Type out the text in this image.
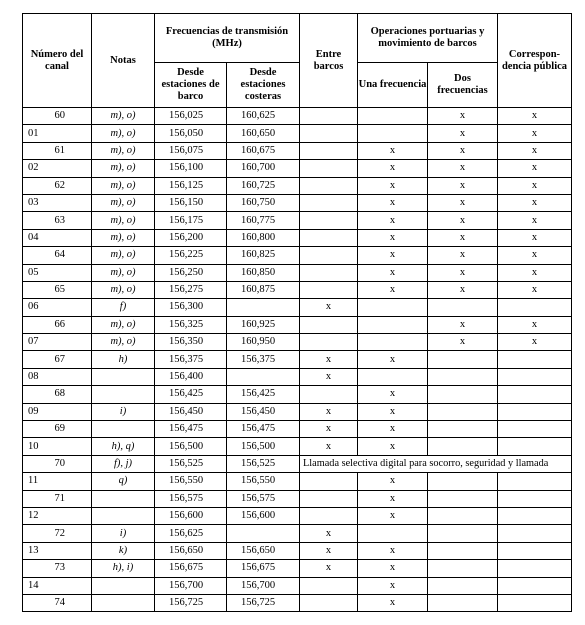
Número del canal	Notas	Frecuencias de transmisión (MHz)		Entre barcos	Operaciones portuarias y movimiento de barcos		Correspon-dencia pública
		Desde estaciones de barco	Desde estaciones costeras		Una frecuencia	Dos frecuencias	
60	m), o)	156,025	160,625			x	x
01	m), o)	156,050	160,650			x	x
61	m), o)	156,075	160,675		x	x	x
02	m), o)	156,100	160,700		x	x	x
62	m), o)	156,125	160,725		x	x	x
03	m), o)	156,150	160,750		x	x	x
63	m), o)	156,175	160,775		x	x	x
04	m), o)	156,200	160,800		x	x	x
64	m), o)	156,225	160,825		x	x	x
05	m), o)	156,250	160,850		x	x	x
65	m), o)	156,275	160,875		x	x	x
06	f)	156,300		x			
66	m), o)	156,325	160,925			x	x
07	m), o)	156,350	160,950			x	x
67	h)	156,375	156,375	x	x		
08		156,400		x			
68		156,425	156,425		x		
09	i)	156,450	156,450	x	x		
69		156,475	156,475	x	x		
10	h), q)	156,500	156,500	x	x		
70	f), j)	156,525	156,525	Llamada selectiva digital para socorro, seguridad y llamada			
11	q)	156,550	156,550		x		
71		156,575	156,575		x		
12		156,600	156,600		x		
72	i)	156,625		x			
13	k)	156,650	156,650	x	x		
73	h), i)	156,675	156,675	x	x		
14		156,700	156,700		x		
74		156,725	156,725		x		
